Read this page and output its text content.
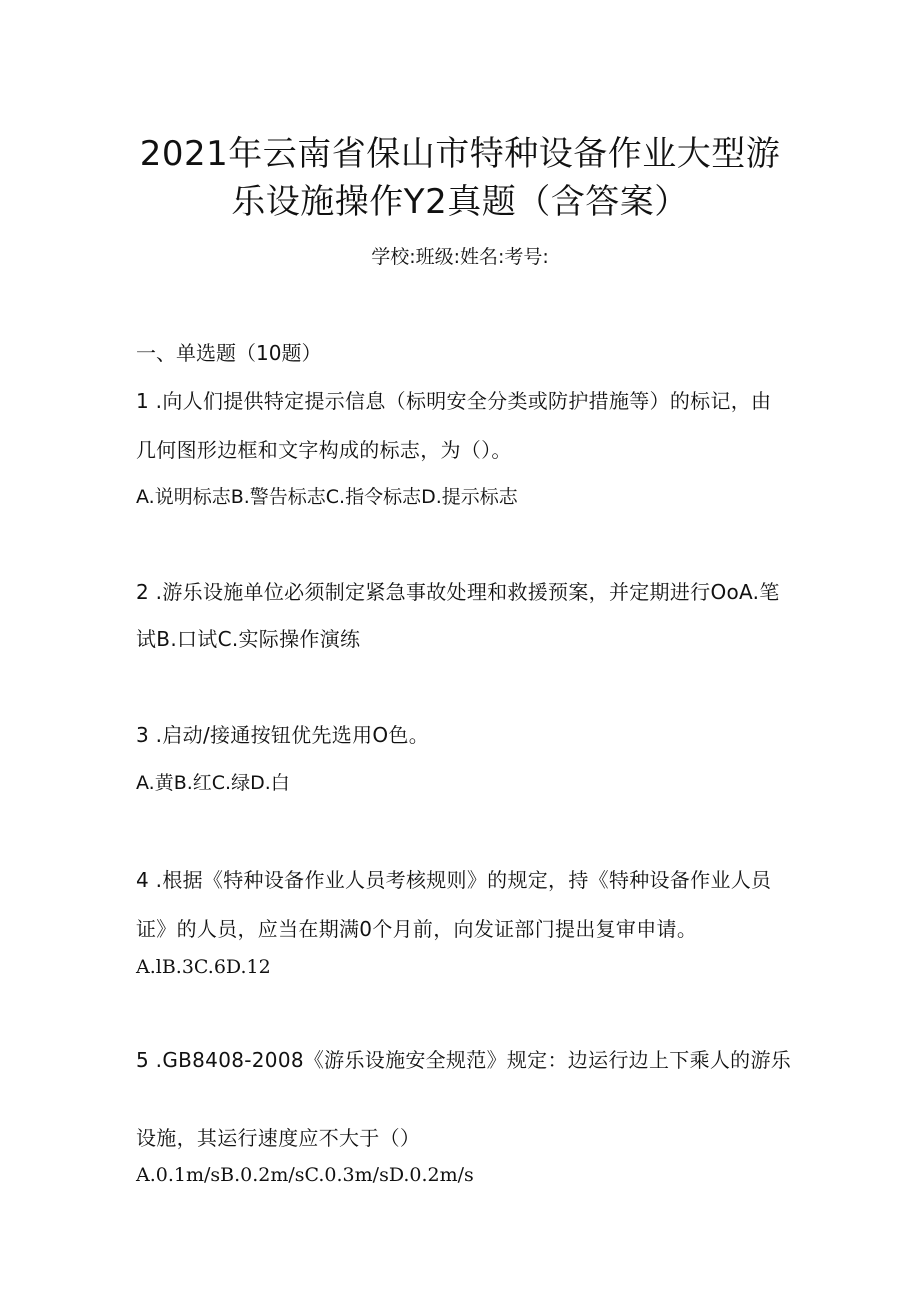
2021年云南省保山市特种设备作业大型游
乐设施操作Y2真题（含答案）
学校:班级:姓名:考号:
一、单选题（10题）
1 .向人们提供特定提示信息（标明安全分类或防护措施等）的标记，由
几何图形边框和文字构成的标志，为（）。
A.说明标志B.警告标志C.指令标志D.提示标志
2 .游乐设施单位必须制定紧急事故处理和救援预案，并定期进行OoA.笔
试B.口试C.实际操作演练
3 .启动/接通按钮优先选用O色。
A.黄B.红C.绿D.白
4 .根据《特种设备作业人员考核规则》的规定，持《特种设备作业人员
证》的人员，应当在期满0个月前，向发证部门提出复审申请。
A.lB.3C.6D.12
5 .GB8408-2008《游乐设施安全规范》规定：边运行边上下乘人的游乐
设施，其运行速度应不大于（）
A.0.1m∕sB.0.2m∕sC.0.3m∕sD.0.2m∕s
